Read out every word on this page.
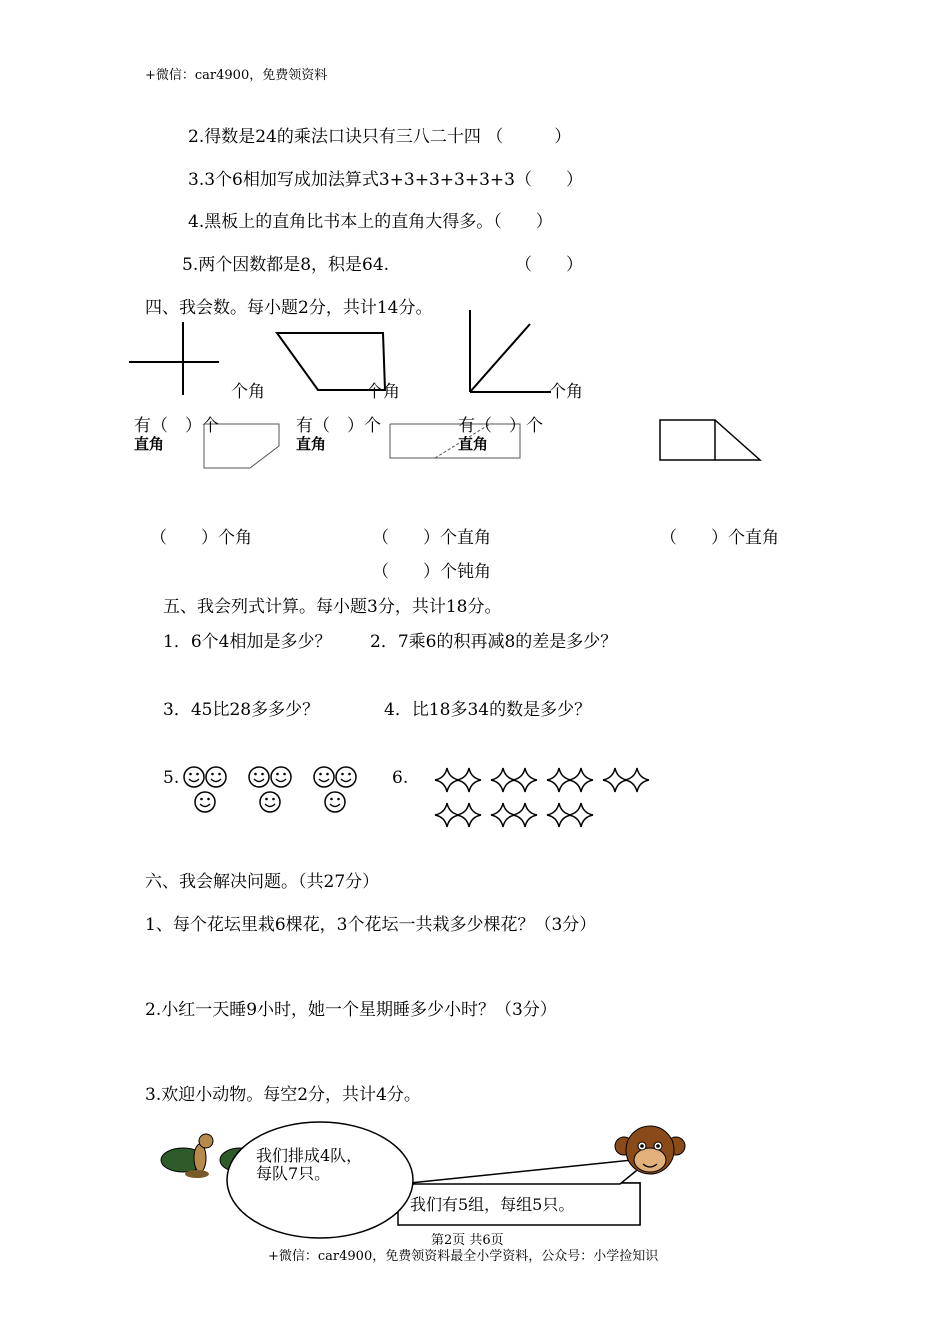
+微信：car4900，免费领资料
2.得数是24的乘法口诀只有三八二十四 （　　　）
3.3个6相加写成加法算式3+3+3+3+3+3（　　）
4.黑板上的直角比书本上的直角大得多。（　　）
5.两个因数都是8，积是64.	（　　）
四、我会数。每小题2分，共计14分。
个角	个角	个角
有（　）个
直角
有（　）个
直角
有（　）个
直角
（　　）个角	（　　）个直角	（　　）个直角
（　　）个钝角
五、我会列式计算。每小题3分，共计18分。
1．6个4相加是多少？ 2．7乘6的积再减8的差是多少？
3．45比28多多少？	4．比18多34的数是多少？
5.	6.
六、我会解决问题。（共27分）
1、每个花坛里栽6棵花，3个花坛一共栽多少棵花？（3分）
2.小红一天睡9小时，她一个星期睡多少小时？（3分）
3.欢迎小动物。每空2分，共计4分。
我们排成4队，
每队7只。
我们有5组，每组5只。
第2页 共6页
+微信：car4900，免费领资料最全小学资料，公众号：小学捡知识
